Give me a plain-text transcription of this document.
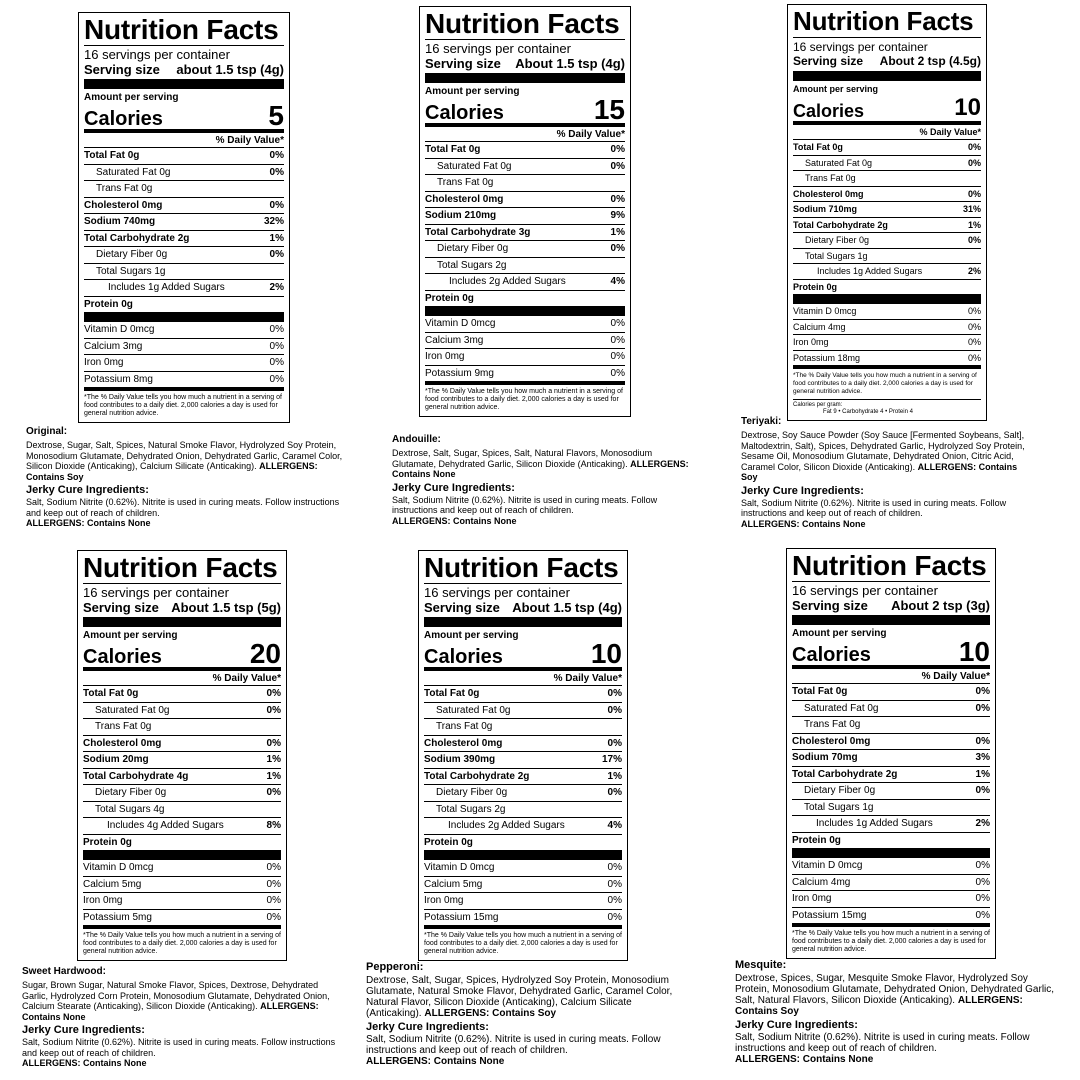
Nutrition Facts
16 servings per container
Serving size about 1.5 tsp (4g)
Amount per serving
Calories	5
% Daily Value*
Total Fat 0g	0%
Saturated Fat 0g	0%
Trans Fat 0g
Cholesterol 0mg	0%
Sodium 740mg	32%
Total Carbohydrate 2g	1%
Dietary Fiber 0g	0%
Total Sugars 1g
Includes 1g Added Sugars	2%
Protein 0g
Vitamin D 0mcg	0%
Calcium 3mg	0%
Iron 0mg	0%
Potassium 8mg	0%
*The % Daily Value tells you how much a nutrient in a serving of food contributes to a daily diet. 2,000 calories a day is used for general nutrition advice.
Original:
Dextrose, Sugar, Salt, Spices, Natural Smoke Flavor, Hydrolyzed Soy Protein, Monosodium Glutamate, Dehydrated Onion, Dehydrated Garlic, Caramel Color, Silicon Dioxide (Anticaking), Calcium Silicate (Anticaking). ALLERGENS: Contains Soy
Jerky Cure Ingredients:
Salt, Sodium Nitrite (0.62%). Nitrite is used in curing meats. Follow instructions and keep out of reach of children.
ALLERGENS: Contains None
Nutrition Facts
16 servings per container
Serving size About 1.5 tsp (4g)
Amount per serving
Calories	15
% Daily Value*
Total Fat 0g	0%
Saturated Fat 0g	0%
Trans Fat 0g
Cholesterol 0mg	0%
Sodium 210mg	9%
Total Carbohydrate 3g	1%
Dietary Fiber 0g	0%
Total Sugars 2g
Includes 2g Added Sugars	4%
Protein 0g
Vitamin D 0mcg	0%
Calcium 3mg	0%
Iron 0mg	0%
Potassium 9mg	0%
*The % Daily Value tells you how much a nutrient in a serving of food contributes to a daily diet. 2,000 calories a day is used for general nutrition advice.
Andouille:
Dextrose, Salt, Sugar, Spices, Salt, Natural Flavors, Monosodium Glutamate, Dehydrated Garlic, Silicon Dioxide (Anticaking). ALLERGENS: Contains None
Jerky Cure Ingredients:
Salt, Sodium Nitrite (0.62%). Nitrite is used in curing meats. Follow instructions and keep out of reach of children.
ALLERGENS: Contains None
Nutrition Facts
16 servings per container
Serving size About 2 tsp (4.5g)
Amount per serving
Calories	10
% Daily Value*
Total Fat 0g	0%
Saturated Fat 0g	0%
Trans Fat 0g
Cholesterol 0mg	0%
Sodium 710mg	31%
Total Carbohydrate 2g	1%
Dietary Fiber 0g	0%
Total Sugars 1g
Includes 1g Added Sugars	2%
Protein 0g
Vitamin D 0mcg	0%
Calcium 4mg	0%
Iron 0mg	0%
Potassium 18mg	0%
*The % Daily Value tells you how much a nutrient in a serving of food contributes to a daily diet. 2,000 calories a day is used for general nutrition advice.
Calories per gram:
Fat 9 • Carbohydrate 4 • Protein 4
Teriyaki:
Dextrose, Soy Sauce Powder (Soy Sauce [Fermented Soybeans, Salt], Maltodextrin, Salt), Spices, Dehydrated Garlic, Hydrolyzed Soy Protein, Sesame Oil, Monosodium Glutamate, Dehydrated Onion, Citric Acid, Caramel Color, Silicon Dioxide (Anticaking). ALLERGENS: Contains Soy
Jerky Cure Ingredients:
Salt, Sodium Nitrite (0.62%). Nitrite is used in curing meats. Follow instructions and keep out of reach of children.
ALLERGENS: Contains None
Nutrition Facts
16 servings per container
Serving size About 1.5 tsp (5g)
Amount per serving
Calories	20
% Daily Value*
Total Fat 0g	0%
Saturated Fat 0g	0%
Trans Fat 0g
Cholesterol 0mg	0%
Sodium 20mg	1%
Total Carbohydrate 4g	1%
Dietary Fiber 0g	0%
Total Sugars 4g
Includes 4g Added Sugars	8%
Protein 0g
Vitamin D 0mcg	0%
Calcium 5mg	0%
Iron 0mg	0%
Potassium 5mg	0%
*The % Daily Value tells you how much a nutrient in a serving of food contributes to a daily diet. 2,000 calories a day is used for general nutrition advice.
Sweet Hardwood:
Sugar, Brown Sugar, Natural Smoke Flavor, Spices, Dextrose, Dehydrated Garlic, Hydrolyzed Corn Protein, Monosodium Glutamate, Dehydrated Onion, Calcium Stearate (Anticaking), Silicon Dioxide (Anticaking). ALLERGENS: Contains None
Jerky Cure Ingredients:
Salt, Sodium Nitrite (0.62%). Nitrite is used in curing meats. Follow instructions and keep out of reach of children.
ALLERGENS: Contains None
Nutrition Facts
16 servings per container
Serving size About 1.5 tsp (4g)
Amount per serving
Calories	10
% Daily Value*
Total Fat 0g	0%
Saturated Fat 0g	0%
Trans Fat 0g
Cholesterol 0mg	0%
Sodium 390mg	17%
Total Carbohydrate 2g	1%
Dietary Fiber 0g	0%
Total Sugars 2g
Includes 2g Added Sugars	4%
Protein 0g
Vitamin D 0mcg	0%
Calcium 5mg	0%
Iron 0mg	0%
Potassium 15mg	0%
*The % Daily Value tells you how much a nutrient in a serving of food contributes to a daily diet. 2,000 calories a day is used for general nutrition advice.
Pepperoni:
Dextrose, Salt, Sugar, Spices, Hydrolyzed Soy Protein, Monosodium Glutamate, Natural Smoke Flavor, Dehydrated Garlic, Caramel Color, Natural Flavor, Silicon Dioxide (Anticaking), Calcium Silicate (Anticaking). ALLERGENS: Contains Soy
Jerky Cure Ingredients:
Salt, Sodium Nitrite (0.62%). Nitrite is used in curing meats. Follow instructions and keep out of reach of children.
ALLERGENS: Contains None
Nutrition Facts
16 servings per container
Serving size About 2 tsp (3g)
Amount per serving
Calories	10
% Daily Value*
Total Fat 0g	0%
Saturated Fat 0g	0%
Trans Fat 0g
Cholesterol 0mg	0%
Sodium 70mg	3%
Total Carbohydrate 2g	1%
Dietary Fiber 0g	0%
Total Sugars 1g
Includes 1g Added Sugars	2%
Protein 0g
Vitamin D 0mcg	0%
Calcium 4mg	0%
Iron 0mg	0%
Potassium 15mg	0%
*The % Daily Value tells you how much a nutrient in a serving of food contributes to a daily diet. 2,000 calories a day is used for general nutrition advice.
Mesquite:
Dextrose, Spices, Sugar, Mesquite Smoke Flavor, Hydrolyzed Soy Protein, Monosodium Glutamate, Dehydrated Onion, Dehydrated Garlic, Salt, Natural Flavors, Silicon Dioxide (Anticaking). ALLERGENS: Contains Soy
Jerky Cure Ingredients:
Salt, Sodium Nitrite (0.62%). Nitrite is used in curing meats. Follow instructions and keep out of reach of children.
ALLERGENS: Contains None
